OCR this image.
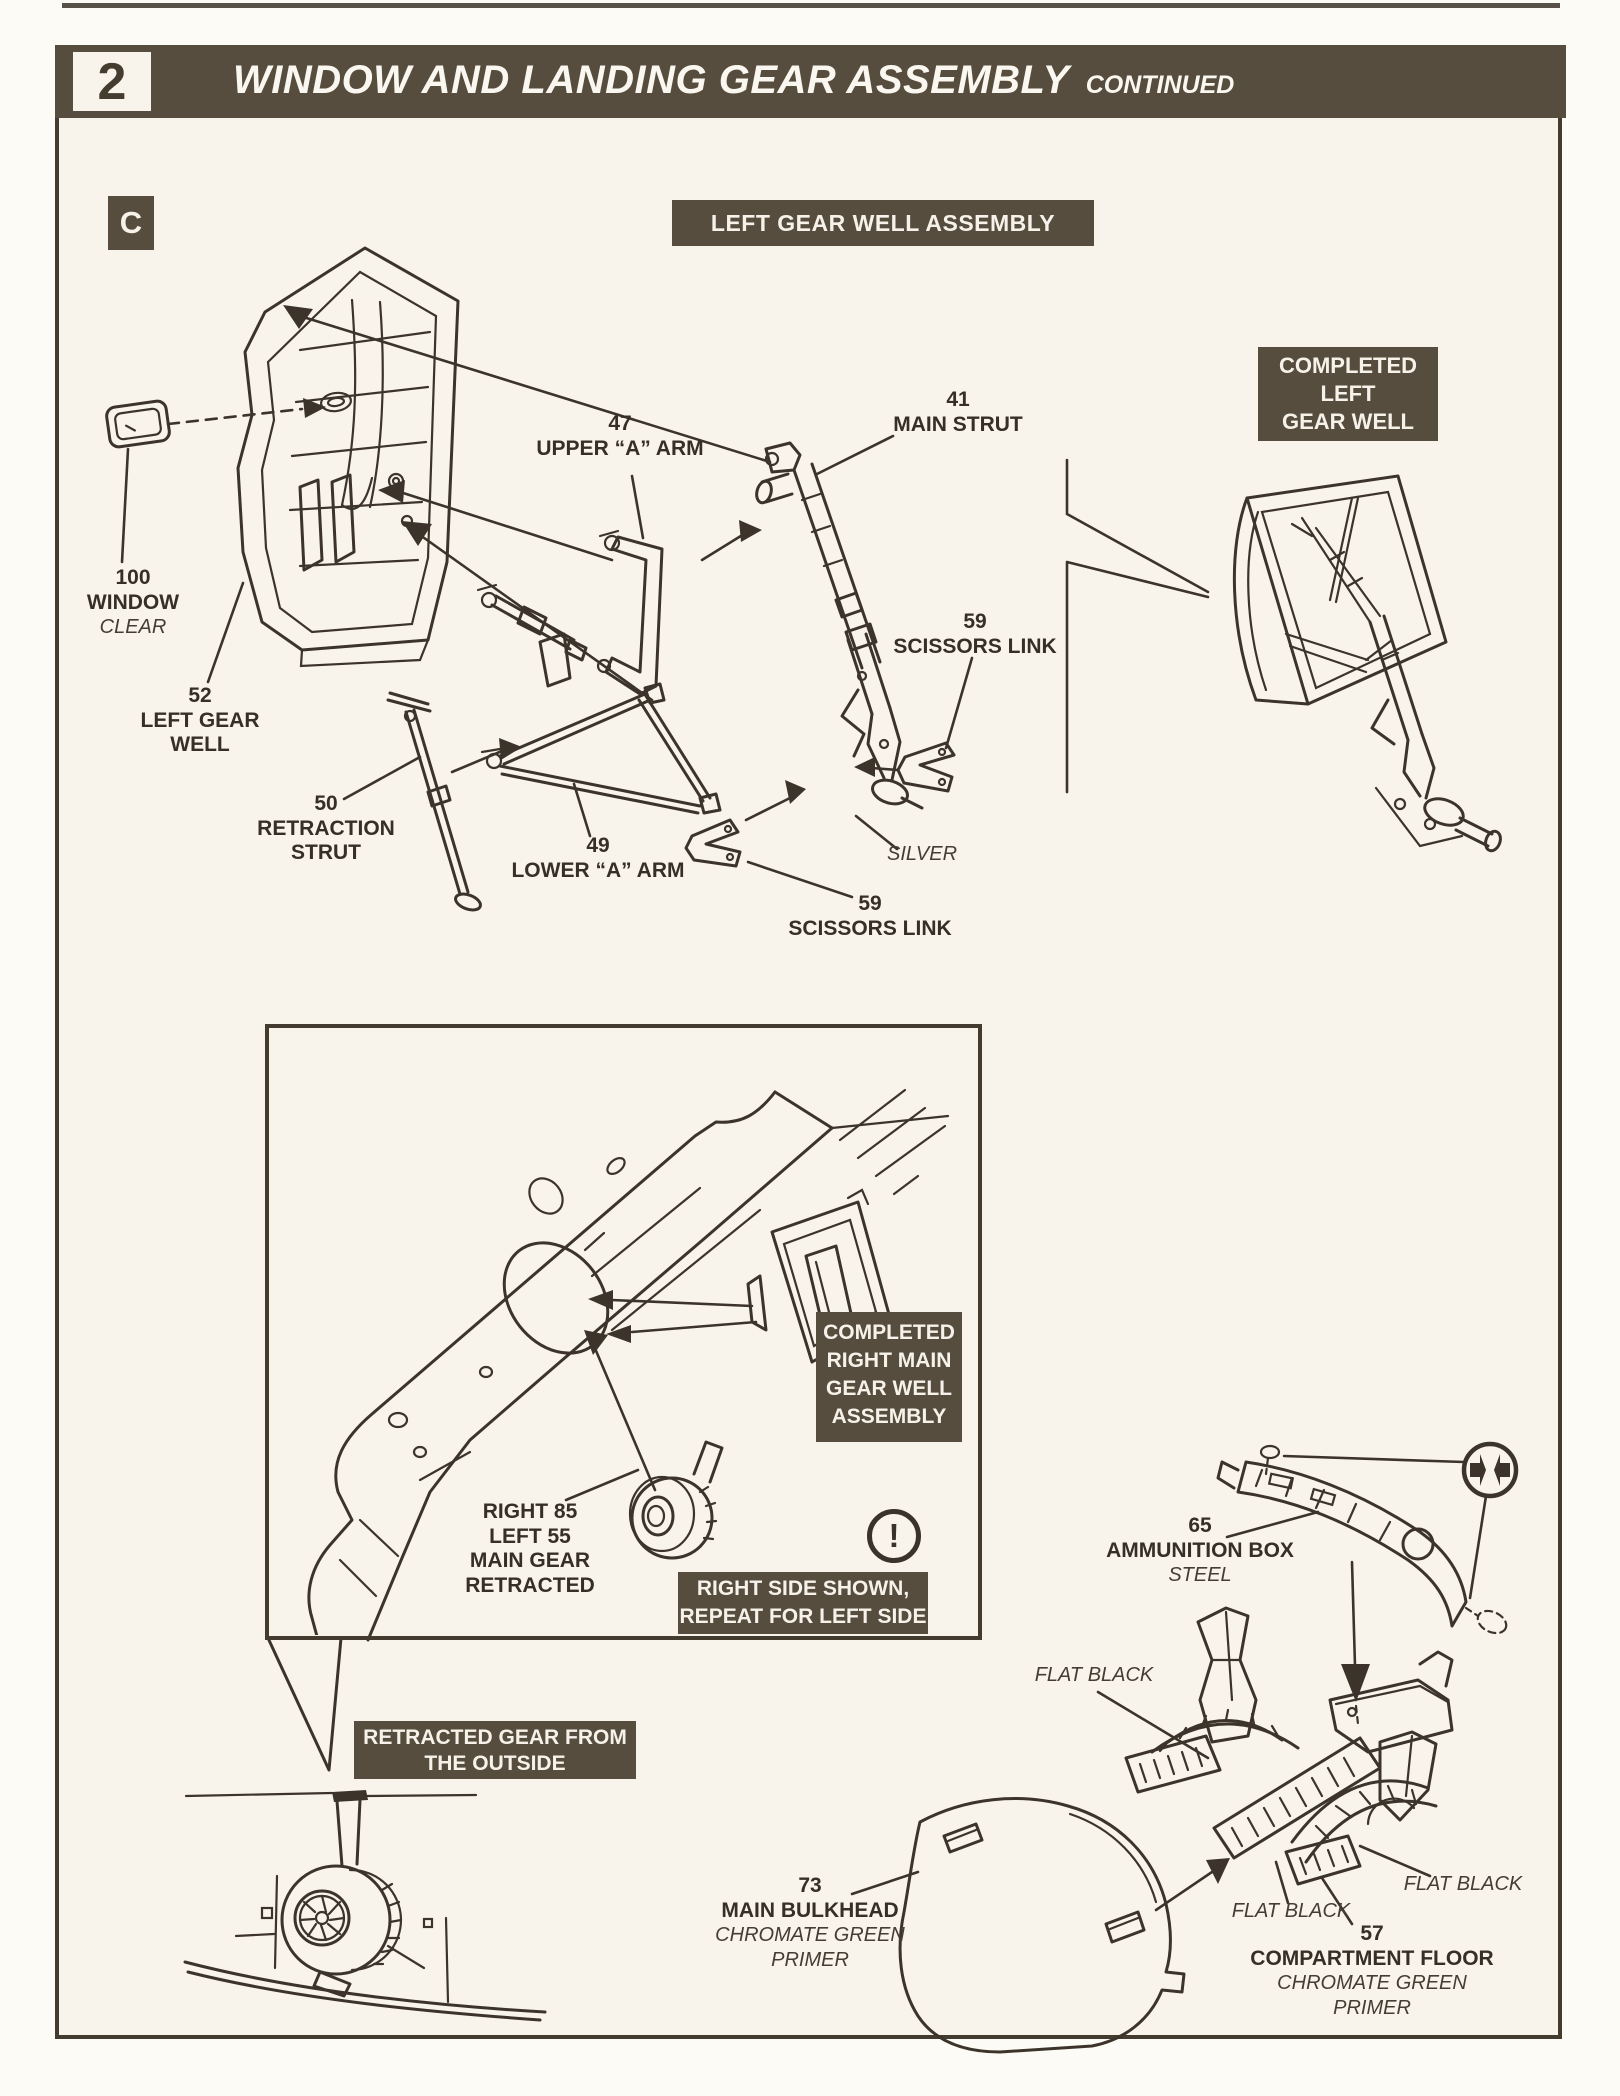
2	WINDOW AND LANDING GEAR ASSEMBLY CONTINUED
C	LEFT GEAR WELL ASSEMBLY
COMPLETED
LEFT
GEAR WELL
COMPLETED
RIGHT MAIN
GEAR WELL
ASSEMBLY
RIGHT SIDE SHOWN,
REPEAT FOR LEFT SIDE
RETRACTED GEAR FROM
THE OUTSIDE
100
WINDOW
CLEAR
52
LEFT GEAR
WELL
50
RETRACTION
STRUT
47
UPPER “A” ARM
41
MAIN STRUT
59
SCISSORS LINK
49
LOWER “A” ARM
SILVER
59
SCISSORS LINK
RIGHT 85
LEFT 55
MAIN GEAR
RETRACTED
65
AMMUNITION BOX
STEEL
FLAT BLACK
73
MAIN BULKHEAD
CHROMATE GREEN
PRIMER
FLAT BLACK
FLAT BLACK
57
COMPARTMENT FLOOR
CHROMATE GREEN
PRIMER
!
